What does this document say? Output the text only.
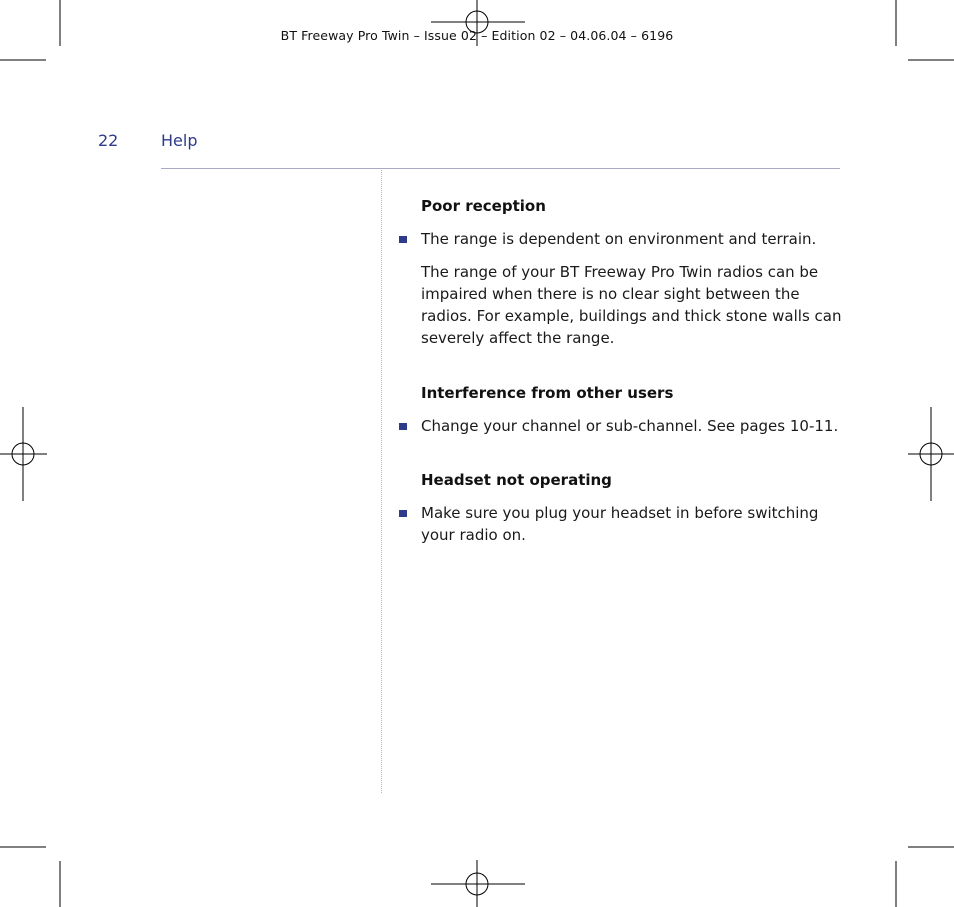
BT Freeway Pro Twin – Issue 02 – Edition 02 – 04.06.04 – 6196
22	Help
Poor reception

The range is dependent on environment and terrain.

The range of your BT Freeway Pro Twin radios can be impaired when there is no clear sight between the radios. For example, buildings and thick stone walls can severely affect the range.

Interference from other users

Change your channel or sub-channel. See pages 10-11.

Headset not operating

Make sure you plug your headset in before switching your radio on.
